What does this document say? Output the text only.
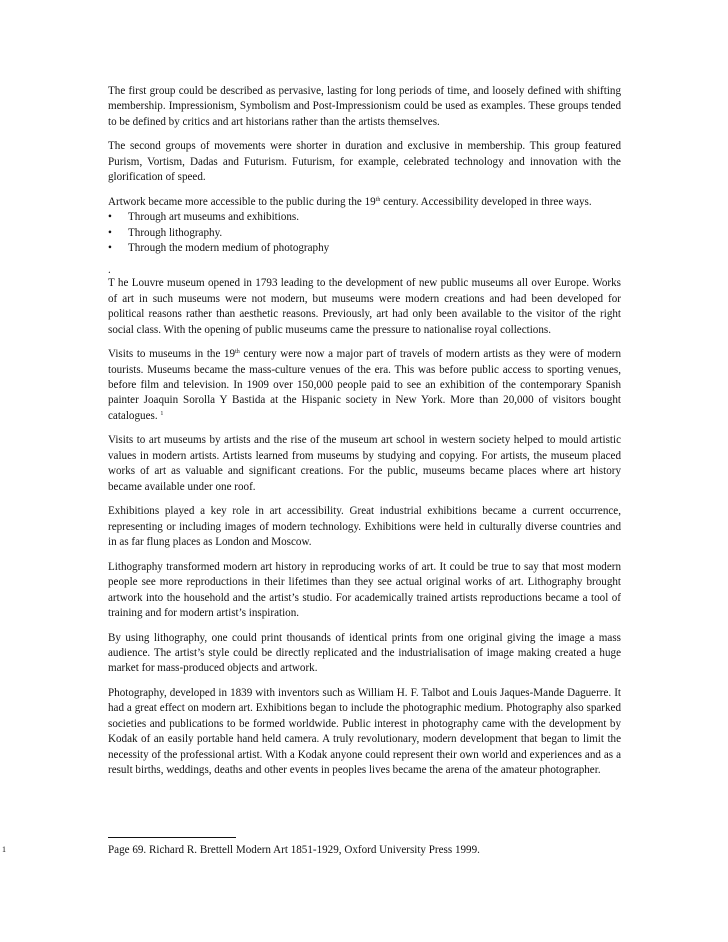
The first group could be described as pervasive, lasting for long periods of time, and loosely defined with shifting membership. Impressionism, Symbolism and Post-Impressionism could be used as examples. These groups tended to be defined by critics and art historians rather than the artists themselves.

The second groups of movements were shorter in duration and exclusive in membership. This group featured Purism, Vortism, Dadas and Futurism. Futurism, for example, celebrated technology and innovation with the glorification of speed.

Artwork became more accessible to the public during the 19th century. Accessibility developed in three ways.

• Through art museums and exhibitions.
• Through lithography.
• Through the modern medium of photography
.

T he Louvre museum opened in 1793 leading to the development of new public museums all over Europe. Works of art in such museums were not modern, but museums were modern creations and had been developed for political reasons rather than aesthetic reasons. Previously, art had only been available to the visitor of the right social class. With the opening of public museums came the pressure to nationalise royal collections.

Visits to museums in the 19th century were now a major part of travels of modern artists as they were of modern tourists. Museums became the mass-culture venues of the era. This was before public access to sporting venues, before film and television. In 1909 over 150,000 people paid to see an exhibition of the contemporary Spanish painter Joaquin Sorolla Y Bastida at the Hispanic society in New York. More than 20,000 of visitors bought catalogues. $^1$

Visits to art museums by artists and the rise of the museum art school in western society helped to mould artistic values in modern artists. Artists learned from museums by studying and copying. For artists, the museum placed works of art as valuable and significant creations. For the public, museums became places where art history became available under one roof.

Exhibitions played a key role in art accessibility. Great industrial exhibitions became a current occurrence, representing or including images of modern technology. Exhibitions were held in culturally diverse countries and in as far flung places as London and Moscow.

Lithography transformed modern art history in reproducing works of art. It could be true to say that most modern people see more reproductions in their lifetimes than they see actual original works of art. Lithography brought artwork into the household and the artist’s studio. For academically trained artists reproductions became a tool of training and for modern artist’s inspiration.

By using lithography, one could print thousands of identical prints from one original giving the image a mass audience. The artist’s style could be directly replicated and the industrialisation of image making created a huge market for mass-produced objects and artwork.

Photography, developed in 1839 with inventors such as William H. F. Talbot and Louis Jaques-Mande Daguerre. It had a great effect on modern art. Exhibitions began to include the photographic medium. Photography also sparked societies and publications to be formed worldwide. Public interest in photography came with the development by Kodak of an easily portable hand held camera. A truly revolutionary, modern development that began to limit the necessity of the professional artist. With a Kodak anyone could represent their own world and experiences and as a result births, weddings, deaths and other events in peoples lives became the arena of the amateur photographer.

1	Page 69. Richard R. Brettell Modern Art 1851-1929, Oxford University Press 1999.
